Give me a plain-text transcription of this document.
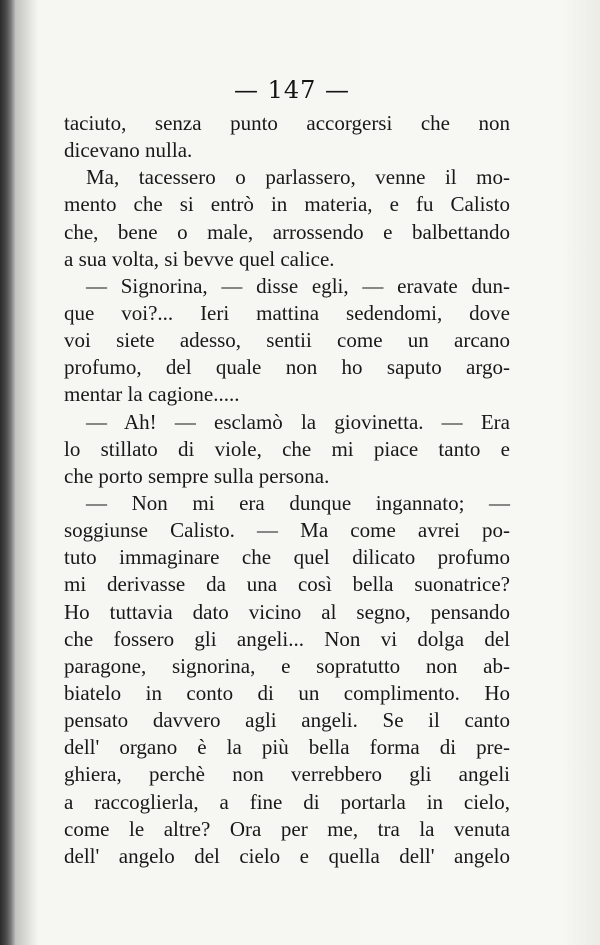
— 147 —
taciuto, senza punto accorgersi che non
dicevano nulla.
Ma, tacessero o parlassero, venne il mo-
mento che si entrò in materia, e fu Calisto
che, bene o male, arrossendo e balbettando
a sua volta, si bevve quel calice.
— Signorina, — disse egli, — eravate dun-
que voi?... Ieri mattina sedendomi, dove
voi siete adesso, sentii come un arcano
profumo, del quale non ho saputo argo-
mentar la cagione.....
— Ah! — esclamò la giovinetta. — Era
lo stillato di viole, che mi piace tanto e
che porto sempre sulla persona.
— Non mi era dunque ingannato; —
soggiunse Calisto. — Ma come avrei po-
tuto immaginare che quel dilicato profumo
mi derivasse da una così bella suonatrice?
Ho tuttavia dato vicino al segno, pensando
che fossero gli angeli... Non vi dolga del
paragone, signorina, e sopratutto non ab-
biatelo in conto di un complimento. Ho
pensato davvero agli angeli. Se il canto
dell' organo è la più bella forma di pre-
ghiera, perchè non verrebbero gli angeli
a raccoglierla, a fine di portarla in cielo,
come le altre? Ora per me, tra la venuta
dell' angelo del cielo e quella dell' angelo
